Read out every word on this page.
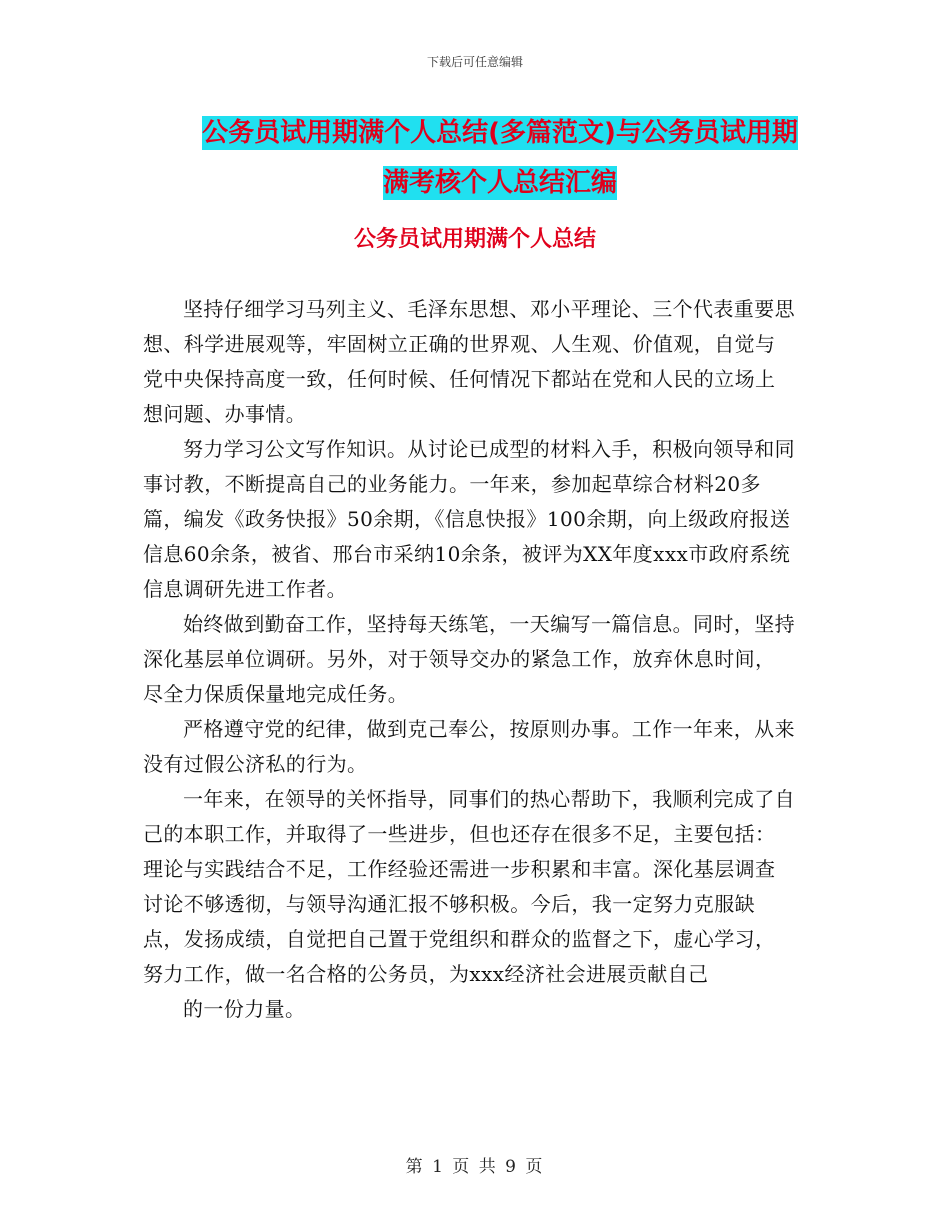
下载后可任意编辑
公务员试用期满个人总结(多篇范文)与公务员试用期
满考核个人总结汇编
公务员试用期满个人总结

坚持仔细学习马列主义、毛泽东思想、邓小平理论、三个代表重要思想、科学进展观等，牢固树立正确的世界观、人生观、价值观，自觉与党中央保持高度一致，任何时候、任何情况下都站在党和人民的立场上想问题、办事情。

努力学习公文写作知识。从讨论已成型的材料入手，积极向领导和同事讨教，不断提高自己的业务能力。一年来，参加起草综合材料20多篇，编发《政务快报》50余期，《信息快报》100余期，向上级政府报送信息60余条，被省、邢台市采纳10余条，被评为XX年度xxx市政府系统信息调研先进工作者。

始终做到勤奋工作，坚持每天练笔，一天编写一篇信息。同时，坚持深化基层单位调研。另外，对于领导交办的紧急工作，放弃休息时间，尽全力保质保量地完成任务。

严格遵守党的纪律，做到克己奉公，按原则办事。工作一年来，从来没有过假公济私的行为。

一年来，在领导的关怀指导，同事们的热心帮助下，我顺利完成了自己的本职工作，并取得了一些进步，但也还存在很多不足，主要包括：理论与实践结合不足，工作经验还需进一步积累和丰富。深化基层调查讨论不够透彻，与领导沟通汇报不够积极。今后，我一定努力克服缺点，发扬成绩，自觉把自己置于党组织和群众的监督之下，虚心学习，努力工作，做一名合格的公务员，为xxx经济社会进展贡献自己

的一份力量。

第 1 页 共 9 页
